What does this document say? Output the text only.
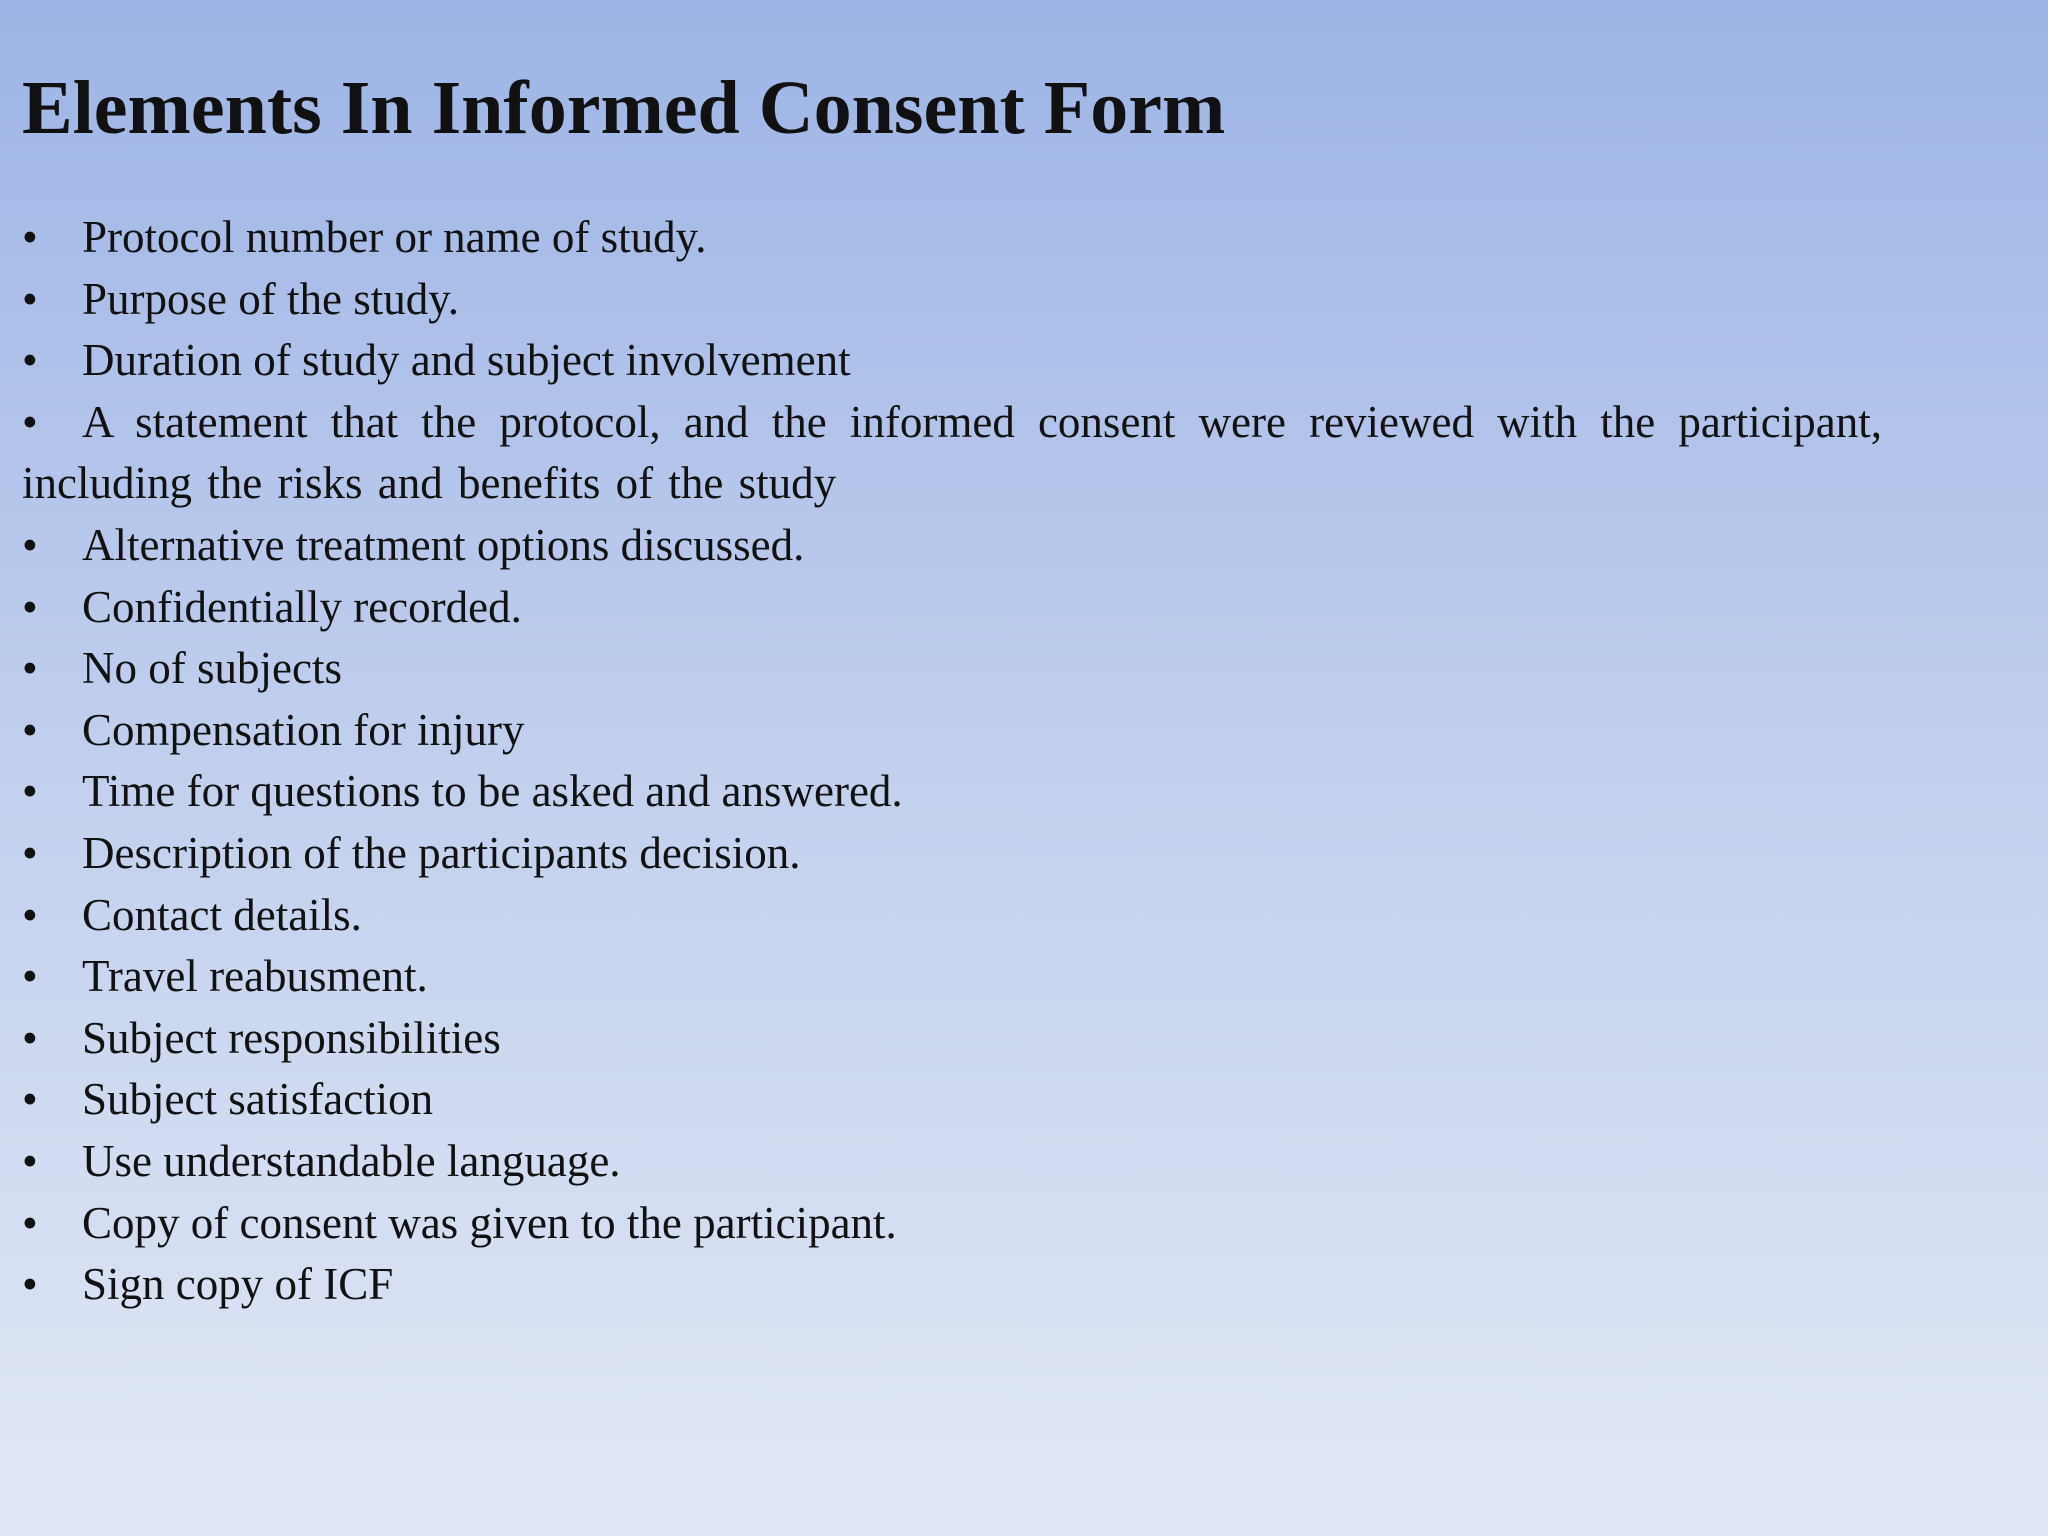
Elements In Informed Consent Form
• Protocol number or name of study.
• Purpose of the study.
• Duration of study and subject involvement
• A statement that the protocol, and the informed consent were reviewed with the participant, including the risks and benefits of the study
• Alternative treatment options discussed.
• Confidentially recorded.
• No of subjects
• Compensation for injury
• Time for questions to be asked and answered.
• Description of the participants decision.
• Contact details.
• Travel reabusment.
• Subject responsibilities
• Subject satisfaction
• Use understandable language.
• Copy of consent was given to the participant.
• Sign copy of ICF
